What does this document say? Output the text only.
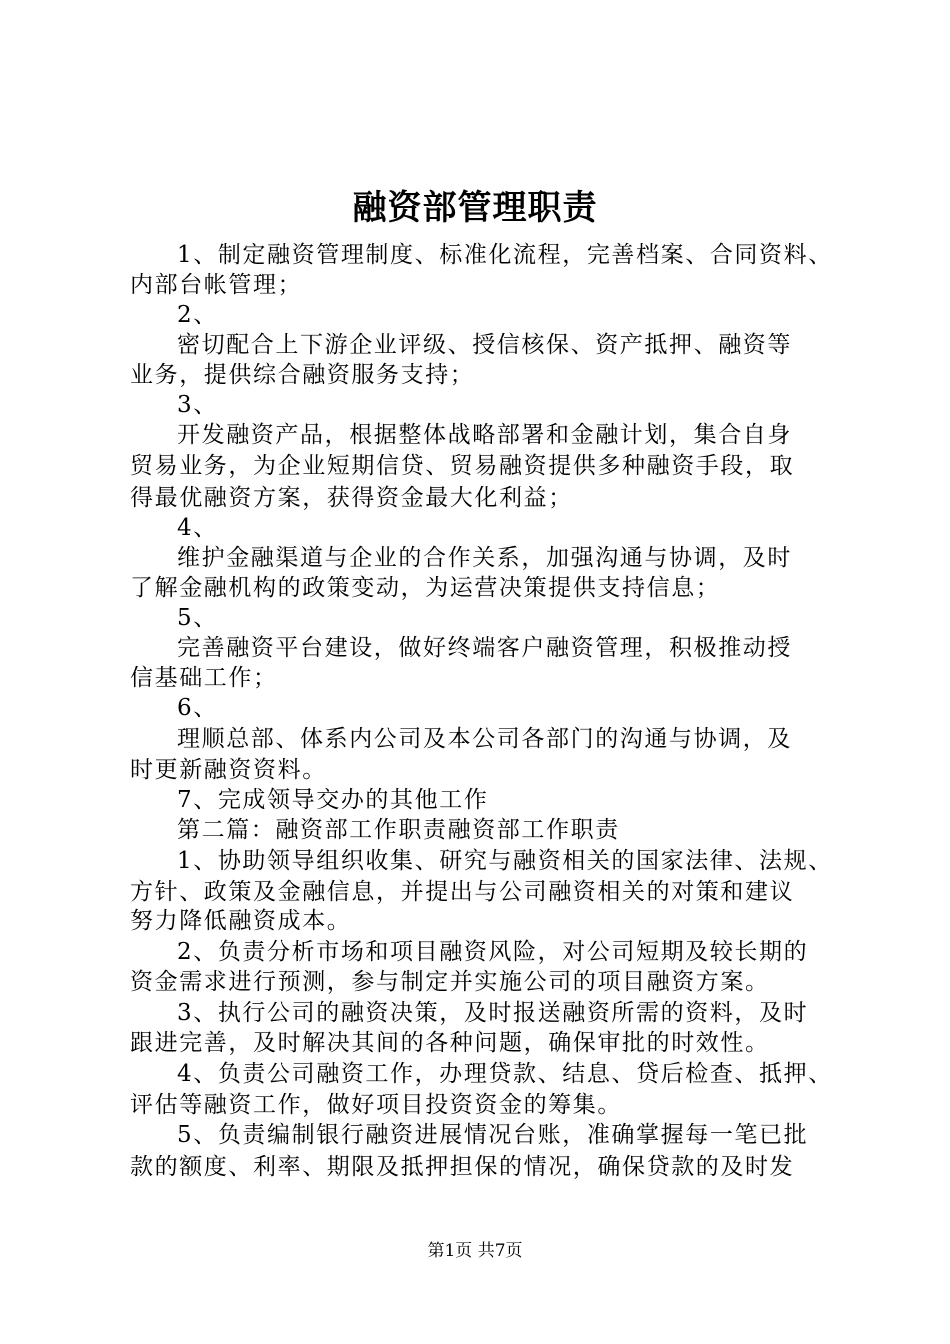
融资部管理职责
1、制定融资管理制度、标准化流程，完善档案、合同资料、
内部台帐管理；
2、
密切配合上下游企业评级、授信核保、资产抵押、融资等
业务，提供综合融资服务支持；
3、
开发融资产品，根据整体战略部署和金融计划，集合自身
贸易业务，为企业短期信贷、贸易融资提供多种融资手段，取
得最优融资方案，获得资金最大化利益；
4、
维护金融渠道与企业的合作关系，加强沟通与协调，及时
了解金融机构的政策变动，为运营决策提供支持信息；
5、
完善融资平台建设，做好终端客户融资管理，积极推动授
信基础工作；
6、
理顺总部、体系内公司及本公司各部门的沟通与协调，及
时更新融资资料。
7、完成领导交办的其他工作
第二篇：融资部工作职责融资部工作职责
1、协助领导组织收集、研究与融资相关的国家法律、法规、
方针、政策及金融信息，并提出与公司融资相关的对策和建议
努力降低融资成本。
2、负责分析市场和项目融资风险，对公司短期及较长期的
资金需求进行预测，参与制定并实施公司的项目融资方案。
3、执行公司的融资决策，及时报送融资所需的资料，及时
跟进完善，及时解决其间的各种问题，确保审批的时效性。
4、负责公司融资工作，办理贷款、结息、贷后检查、抵押、
评估等融资工作，做好项目投资资金的筹集。
5、负责编制银行融资进展情况台账，准确掌握每一笔已批
款的额度、利率、期限及抵押担保的情况，确保贷款的及时发
第1页 共7页
